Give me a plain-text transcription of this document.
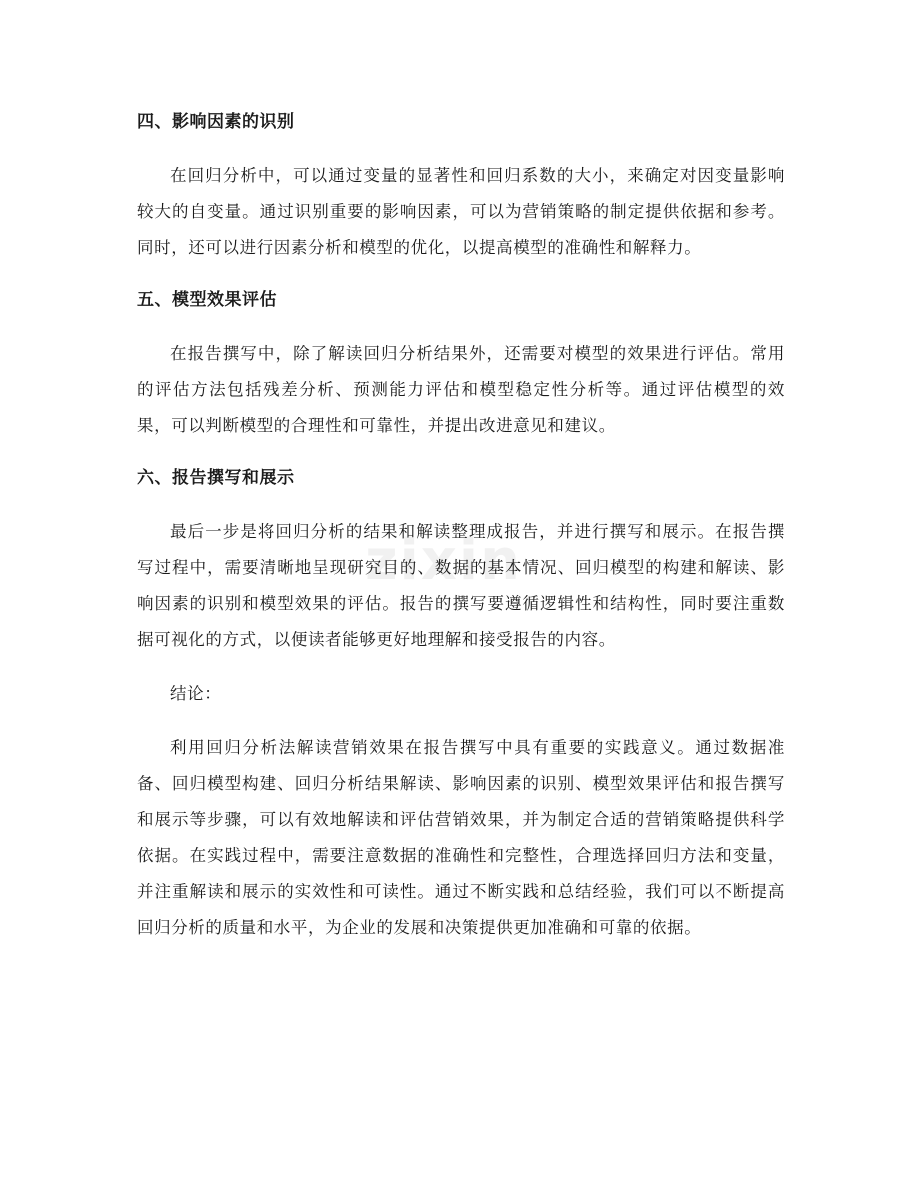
zixin
四、影响因素的识别

在回归分析中，可以通过变量的显著性和回归系数的大小，来确定对因变量影响较大的自变量。通过识别重要的影响因素，可以为营销策略的制定提供依据和参考。同时，还可以进行因素分析和模型的优化，以提高模型的准确性和解释力。

五、模型效果评估

在报告撰写中，除了解读回归分析结果外，还需要对模型的效果进行评估。常用的评估方法包括残差分析、预测能力评估和模型稳定性分析等。通过评估模型的效果，可以判断模型的合理性和可靠性，并提出改进意见和建议。

六、报告撰写和展示

最后一步是将回归分析的结果和解读整理成报告，并进行撰写和展示。在报告撰写过程中，需要清晰地呈现研究目的、数据的基本情况、回归模型的构建和解读、影响因素的识别和模型效果的评估。报告的撰写要遵循逻辑性和结构性，同时要注重数据可视化的方式，以便读者能够更好地理解和接受报告的内容。

结论：

利用回归分析法解读营销效果在报告撰写中具有重要的实践意义。通过数据准备、回归模型构建、回归分析结果解读、影响因素的识别、模型效果评估和报告撰写和展示等步骤，可以有效地解读和评估营销效果，并为制定合适的营销策略提供科学依据。在实践过程中，需要注意数据的准确性和完整性，合理选择回归方法和变量，并注重解读和展示的实效性和可读性。通过不断实践和总结经验，我们可以不断提高回归分析的质量和水平，为企业的发展和决策提供更加准确和可靠的依据。
